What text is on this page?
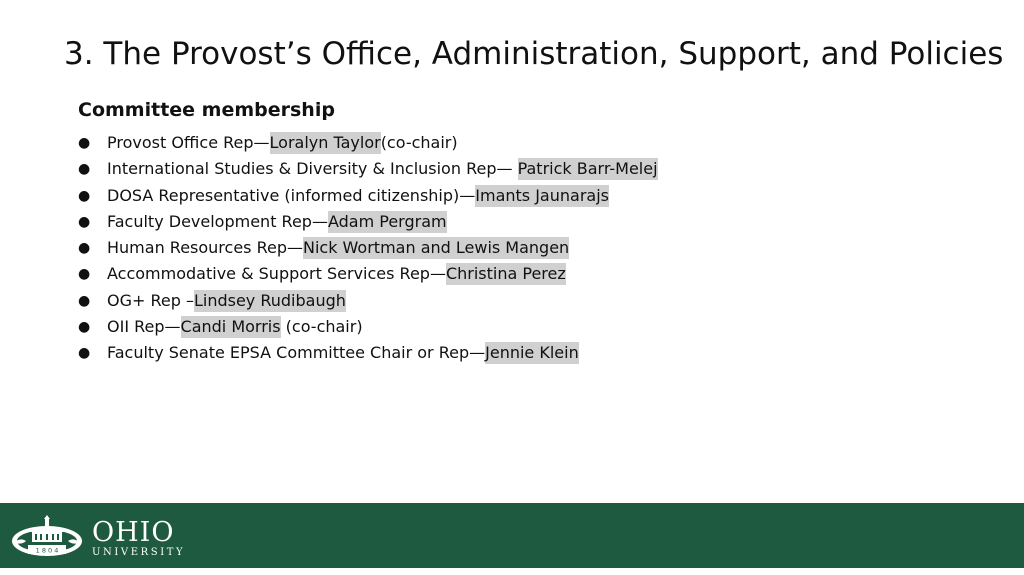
3. The Provost’s Office, Administration, Support, and Policies
Committee membership
● Provost Office Rep—Loralyn Taylor(co-chair)
● International Studies & Diversity & Inclusion Rep— Patrick Barr-Melej
● DOSA Representative (informed citizenship)—Imants Jaunarajs
● Faculty Development Rep—Adam Pergram
● Human Resources Rep—Nick Wortman and Lewis Mangen
● Accommodative & Support Services Rep—Christina Perez
● OG+ Rep –Lindsey Rudibaugh
● OII Rep—Candi Morris (co-chair)
● Faculty Senate EPSA Committee Chair or Rep—Jennie Klein
1 8 0 4
OHIO
UNIVERSITY
